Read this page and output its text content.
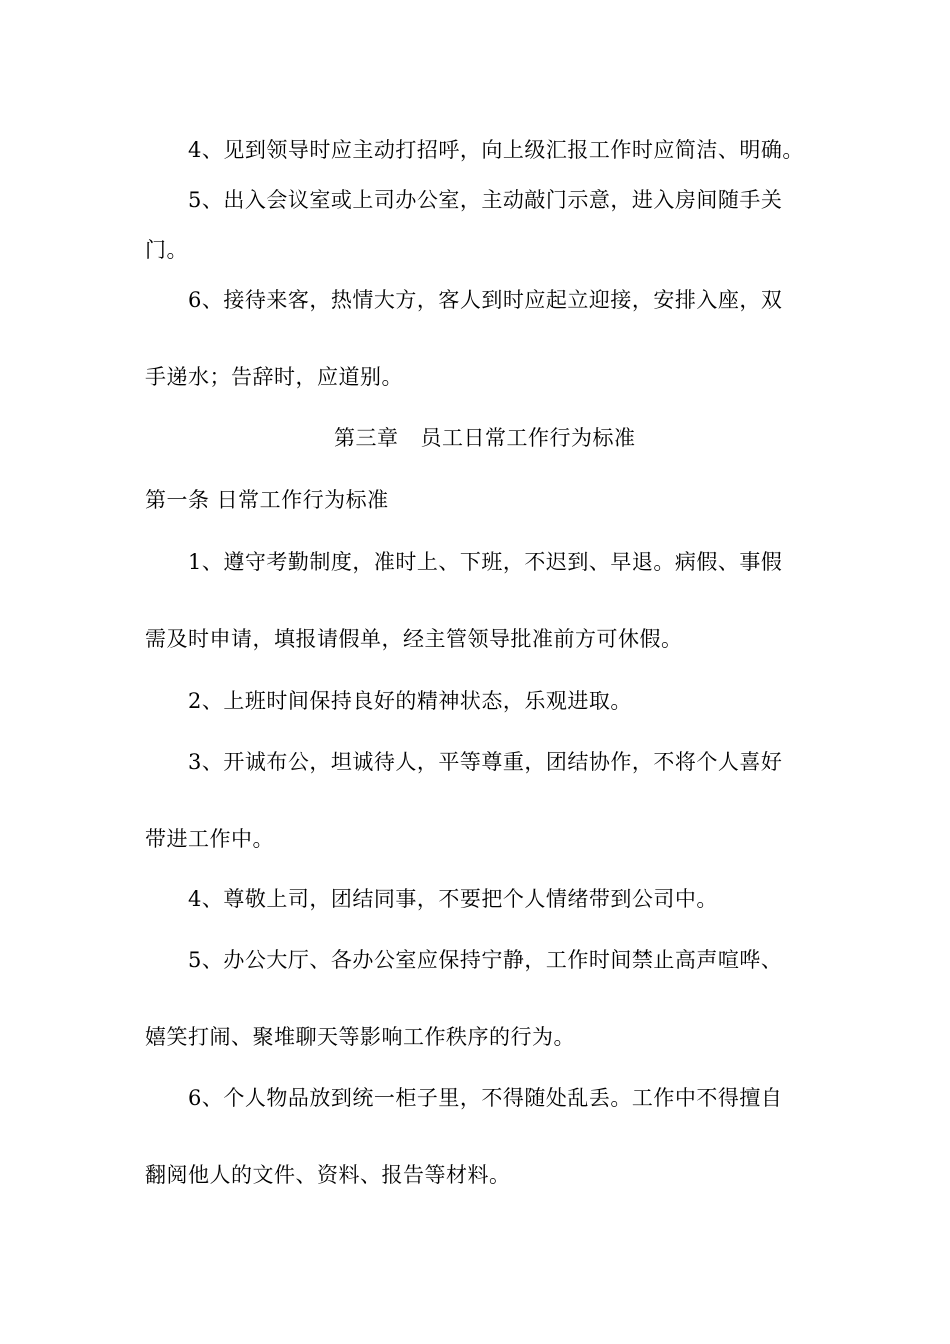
4、见到领导时应主动打招呼，向上级汇报工作时应简洁、明确。
5、出入会议室或上司办公室，主动敲门示意，进入房间随手关
门。
6、接待来客，热情大方，客人到时应起立迎接，安排入座，双
手递水；告辞时，应道别。
第三章 员工日常工作行为标准
第一条 日常工作行为标准
1、遵守考勤制度，准时上、下班，不迟到、早退。病假、事假
需及时申请，填报请假单，经主管领导批准前方可休假。
2、上班时间保持良好的精神状态，乐观进取。
3、开诚布公，坦诚待人，平等尊重，团结协作，不将个人喜好
带进工作中。
4、尊敬上司，团结同事，不要把个人情绪带到公司中。
5、办公大厅、各办公室应保持宁静，工作时间禁止高声喧哗、
嬉笑打闹、聚堆聊天等影响工作秩序的行为。
6、个人物品放到统一柜子里，不得随处乱丢。工作中不得擅自
翻阅他人的文件、资料、报告等材料。
